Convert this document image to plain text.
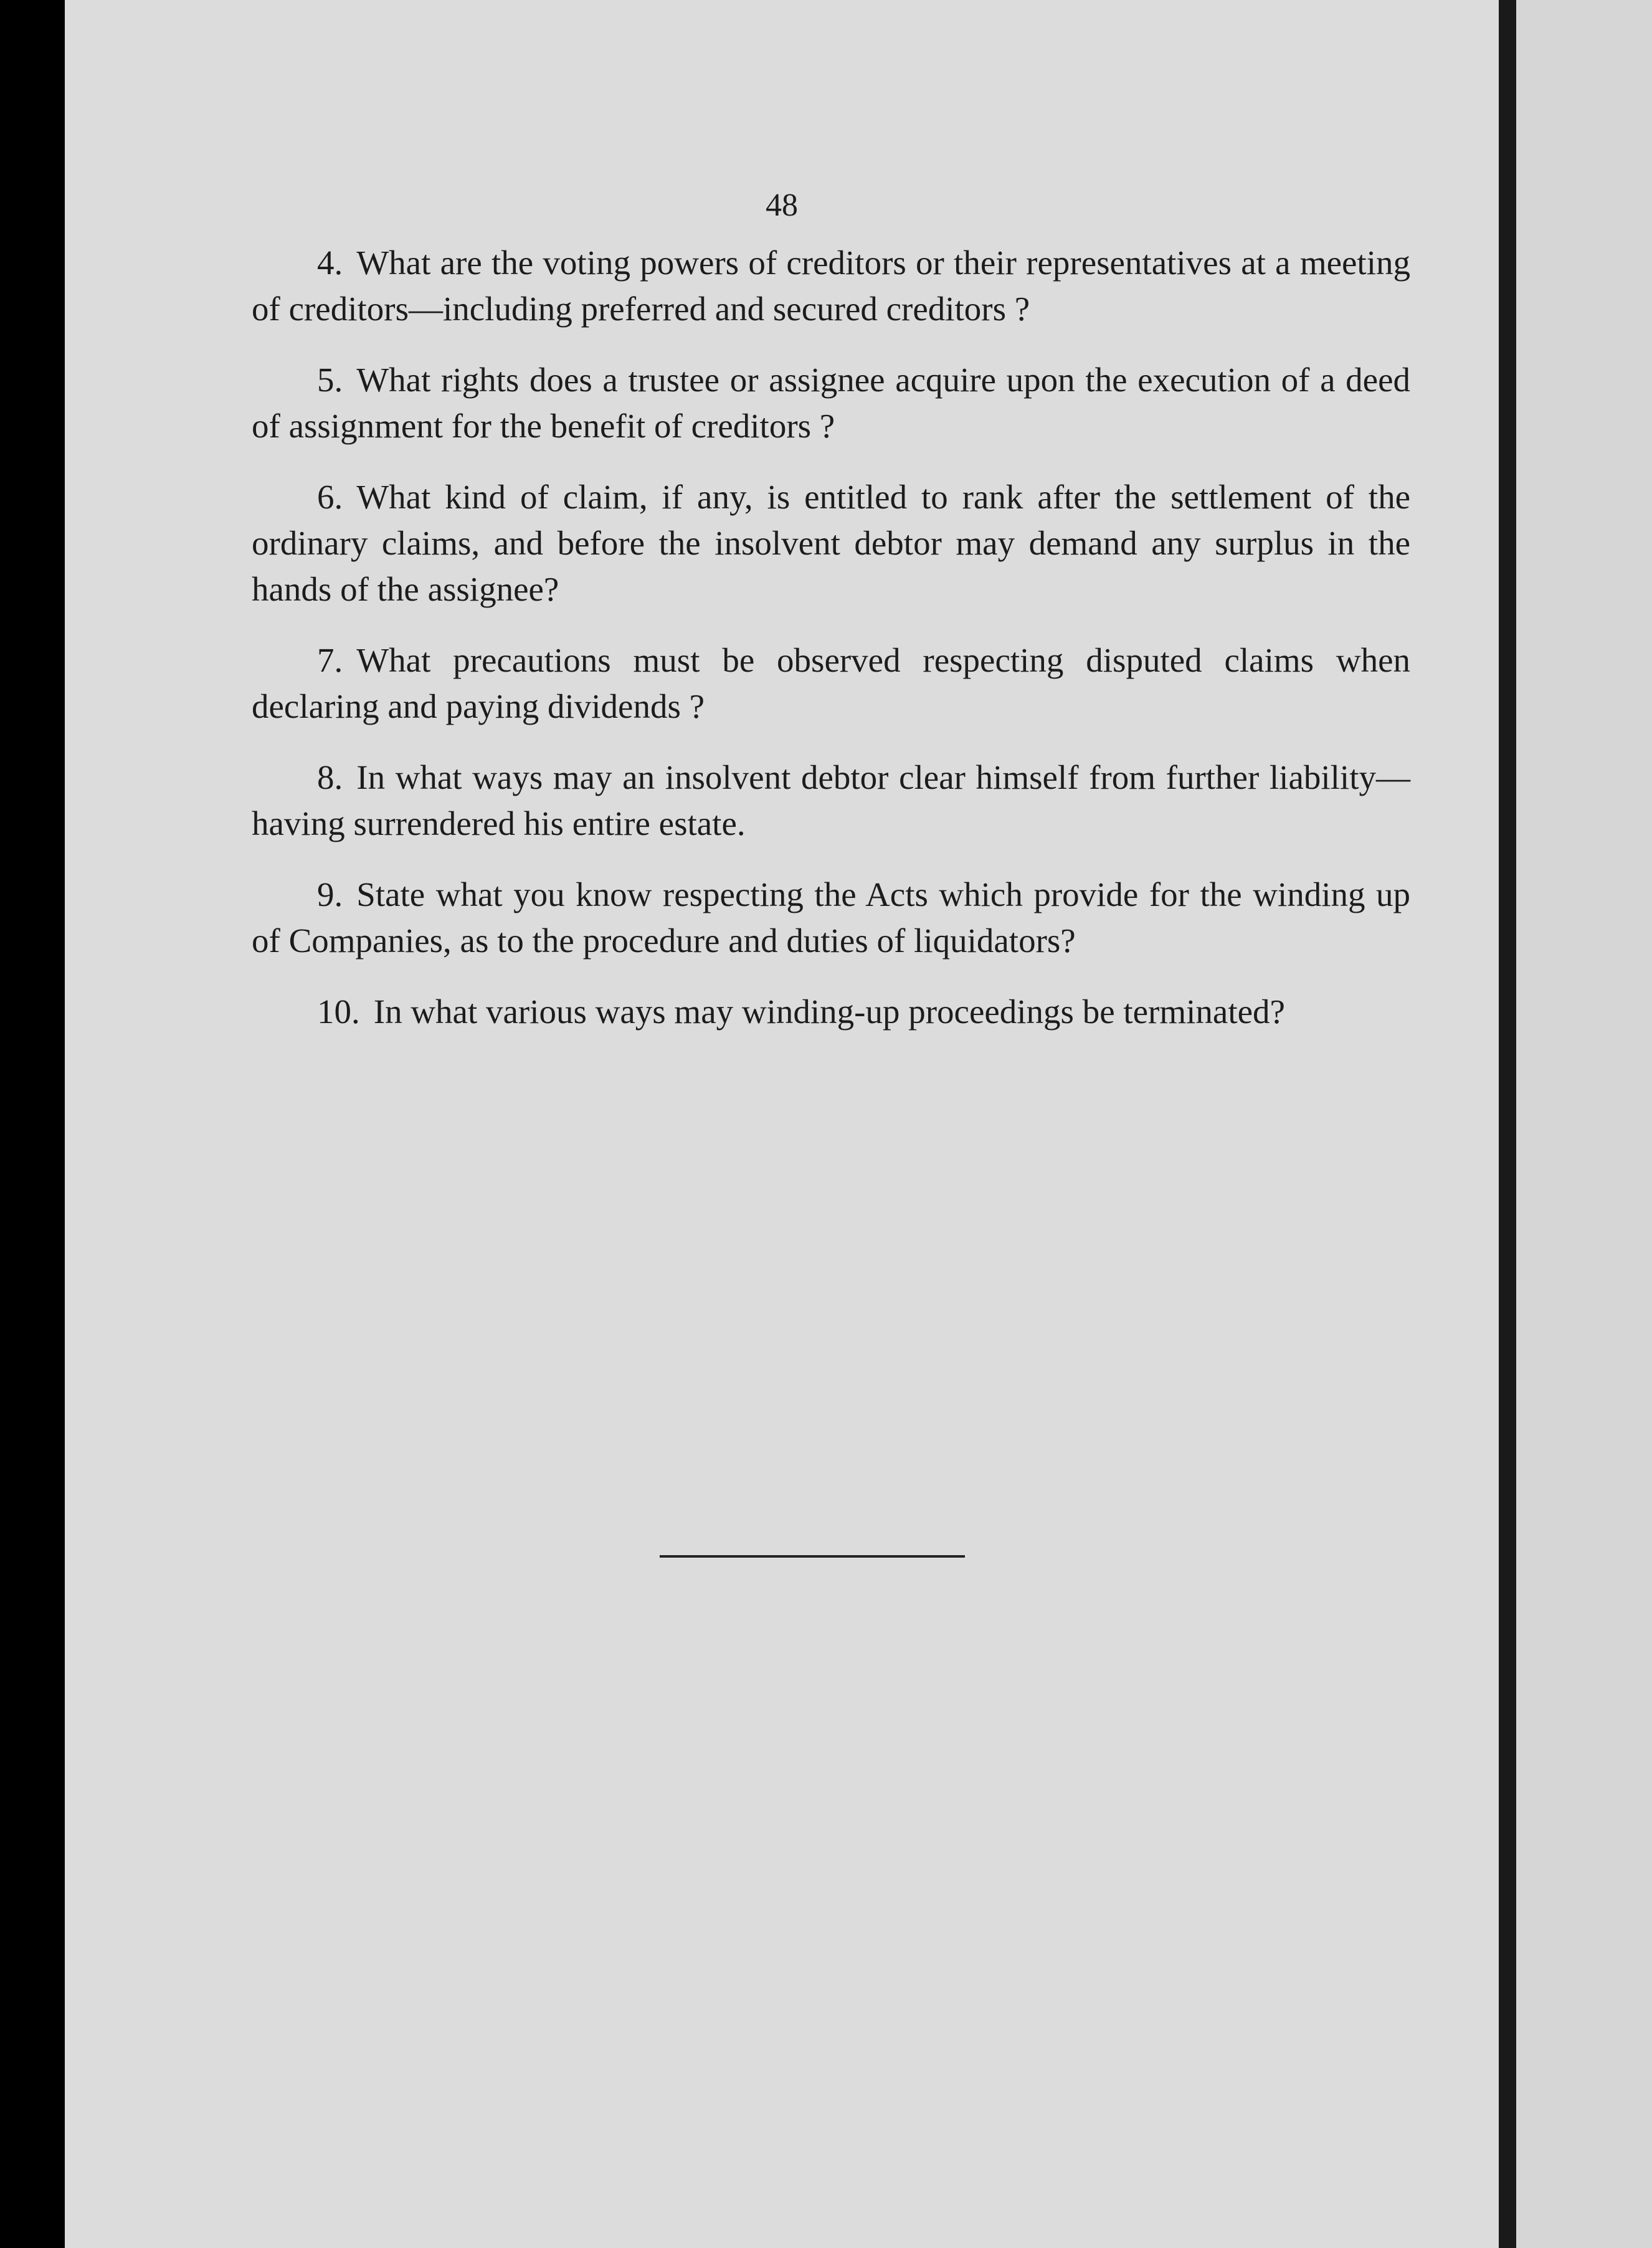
48
4. What are the voting powers of creditors or their representatives at a meeting of creditors—including preferred and secured creditors ?
5. What rights does a trustee or assignee acquire upon the execution of a deed of assignment for the benefit of creditors ?
6. What kind of claim, if any, is entitled to rank after the settlement of the ordinary claims, and before the insolvent debtor may demand any surplus in the hands of the assignee?
7. What precautions must be observed respecting disputed claims when declaring and paying dividends ?
8. In what ways may an insolvent debtor clear himself from further liability—having surrendered his entire estate.
9. State what you know respecting the Acts which provide for the winding up of Companies, as to the procedure and duties of liquidators?
10. In what various ways may winding-up proceedings be terminated?
